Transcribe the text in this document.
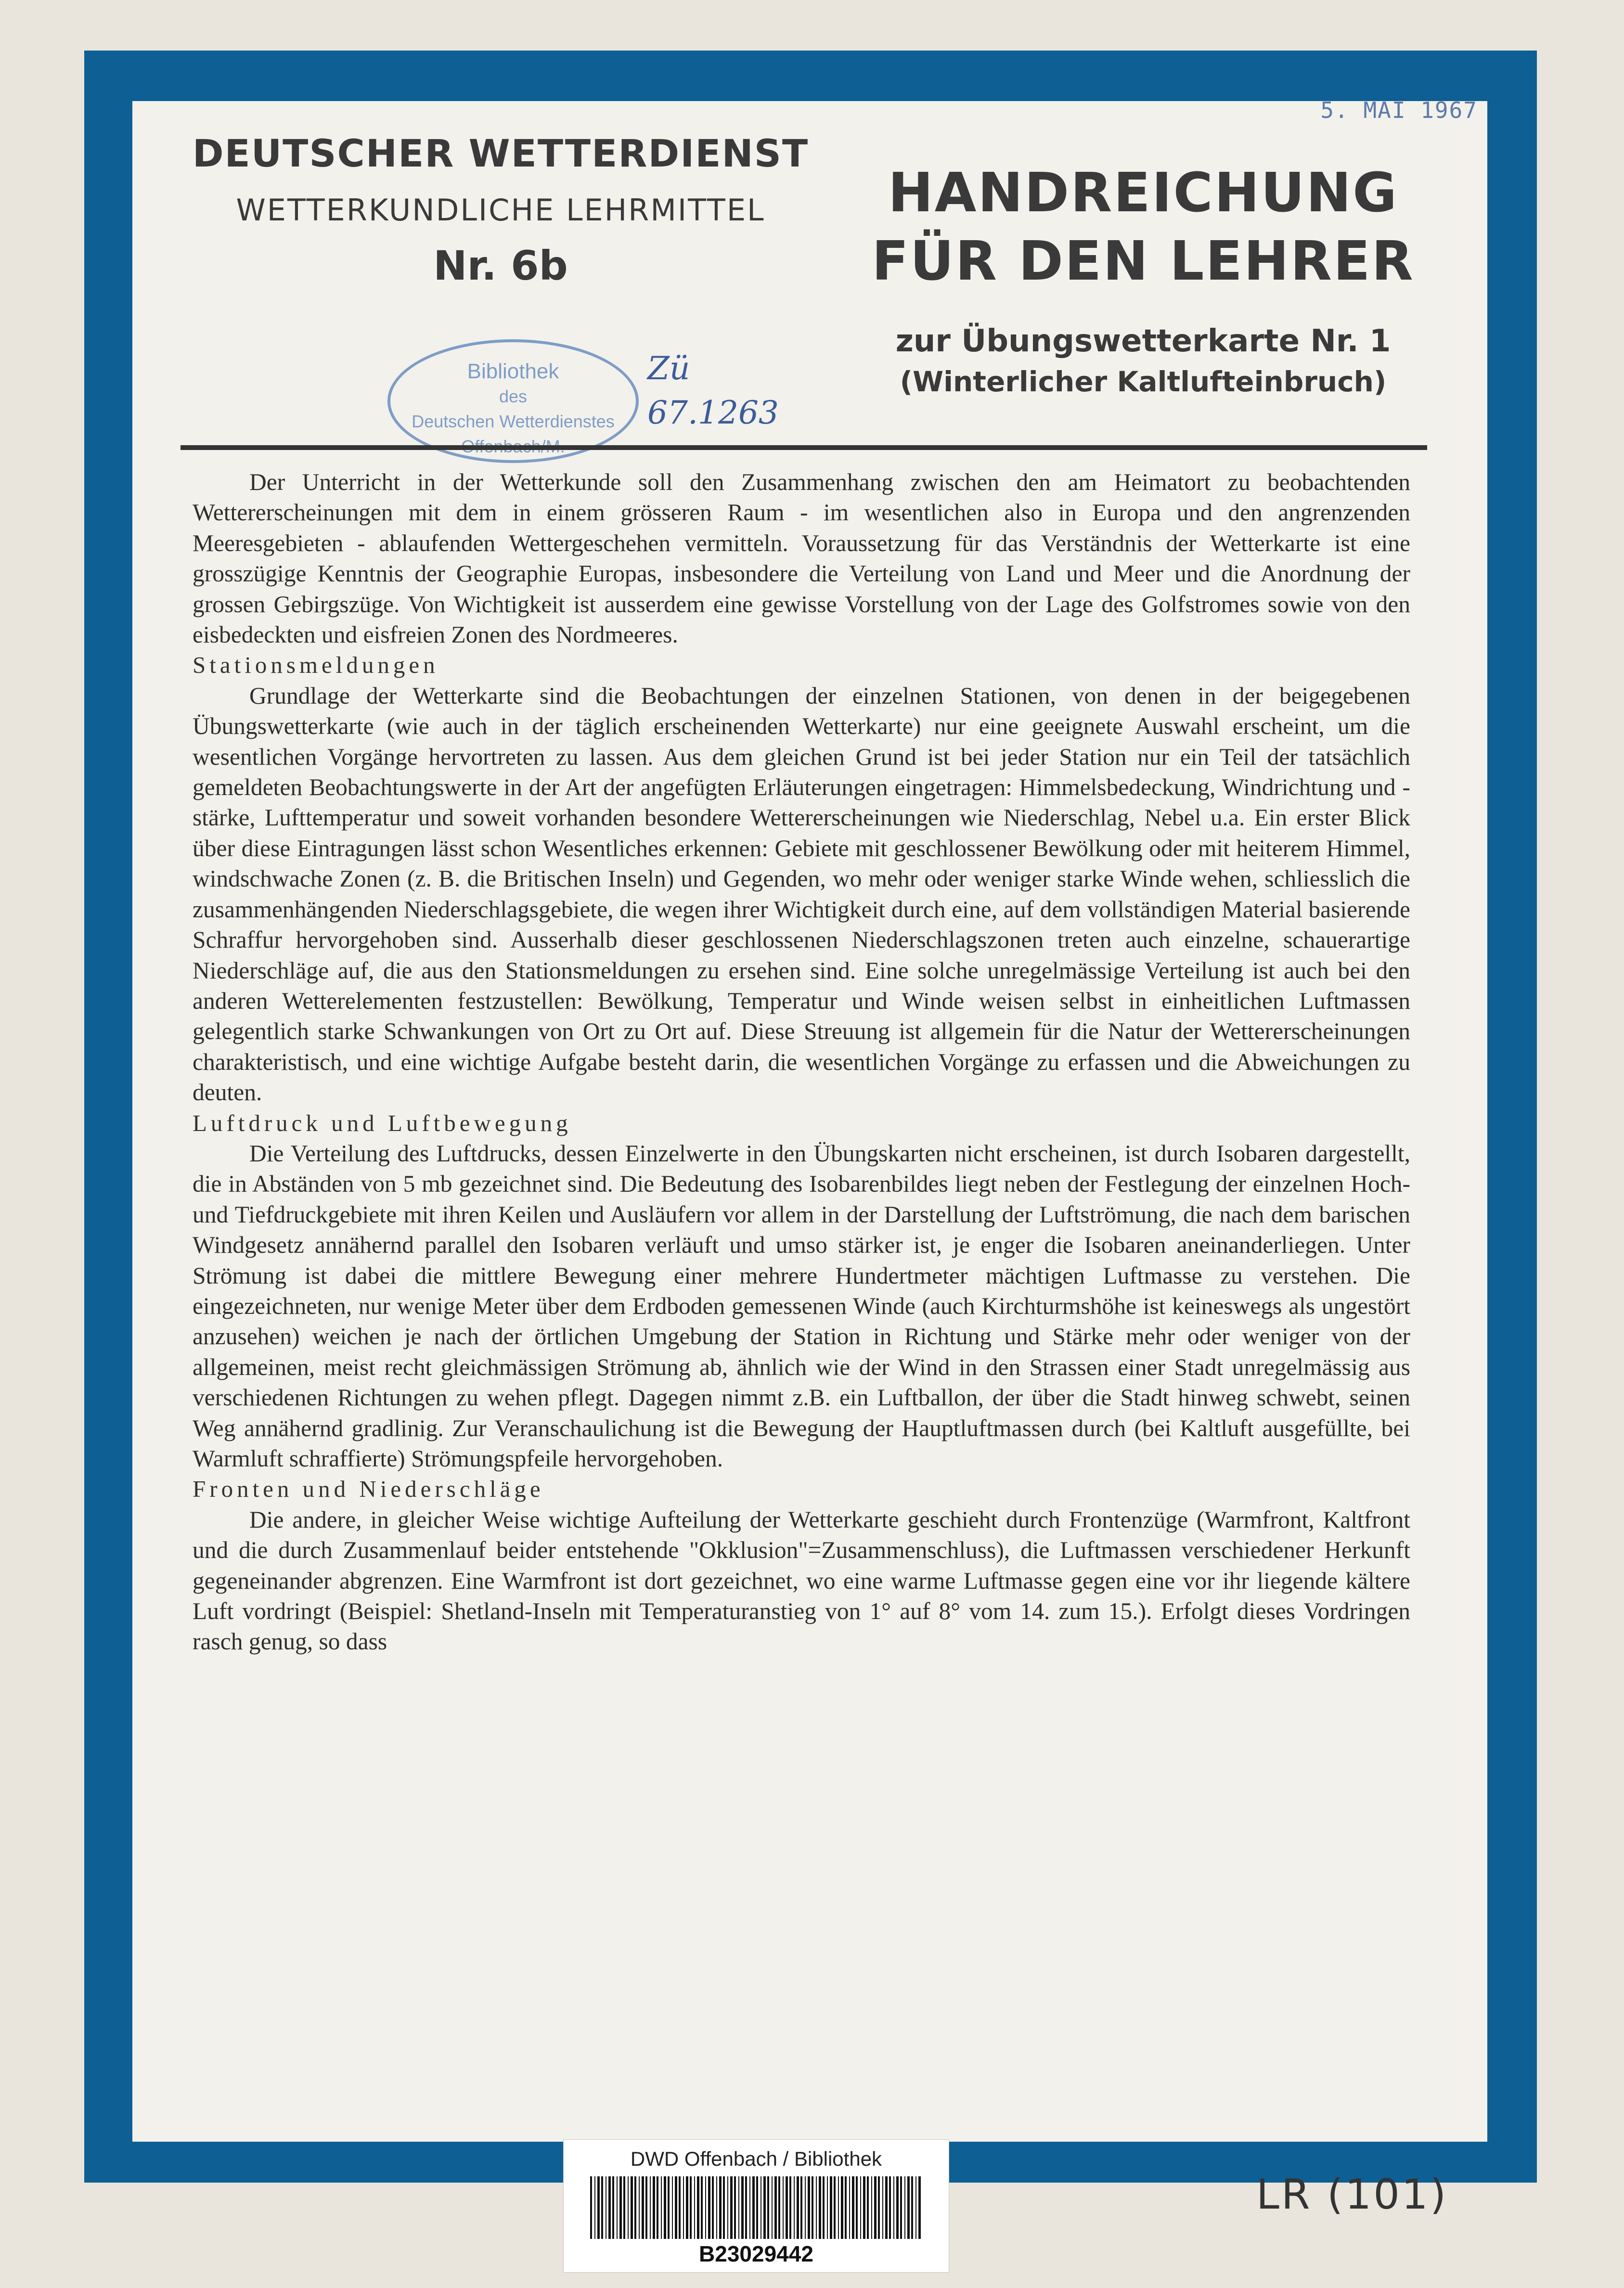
5. MAI 1967
DEUTSCHER WETTERDIENST
WETTERKUNDLICHE LEHRMITTEL
Nr. 6b
HANDREICHUNG
FÜR DEN LEHRER
zur Übungswetterkarte Nr. 1
(Winterlicher Kaltlufteinbruch)
Bibliothek
des
Deutschen Wetterdienstes
Zü
67.1263

Der Unterricht in der Wetterkunde soll den Zusammenhang zwischen den am Heimatort zu beobachtenden Wettererscheinungen mit dem in einem grösseren Raum - im wesentlichen also in Europa und den angrenzenden Meeresgebieten - ablaufenden Wettergeschehen vermitteln. Voraussetzung für das Verständnis der Wetterkarte ist eine grosszügige Kenntnis der Geographie Europas, insbesondere die Verteilung von Land und Meer und die Anordnung der grossen Gebirgszüge. Von Wichtigkeit ist ausserdem eine gewisse Vorstellung von der Lage des Golfstromes sowie von den eisbedeckten und eisfreien Zonen des Nordmeeres.

Stationsmeldungen

Grundlage der Wetterkarte sind die Beobachtungen der einzelnen Stationen, von denen in der beigegebenen Übungswetterkarte (wie auch in der täglich erscheinenden Wetterkarte) nur eine geeignete Auswahl erscheint, um die wesentlichen Vorgänge hervortreten zu lassen. Aus dem gleichen Grund ist bei jeder Station nur ein Teil der tatsächlich gemeldeten Beobachtungswerte in der Art der angefügten Erläuterungen eingetragen: Himmelsbedeckung, Windrichtung und -stärke, Lufttemperatur und soweit vorhanden besondere Wettererscheinungen wie Niederschlag, Nebel u.a. Ein erster Blick über diese Eintragungen lässt schon Wesentliches erkennen: Gebiete mit geschlossener Bewölkung oder mit heiterem Himmel, windschwache Zonen (z. B. die Britischen Inseln) und Gegenden, wo mehr oder weniger starke Winde wehen, schliesslich die zusammenhängenden Niederschlagsgebiete, die wegen ihrer Wichtigkeit durch eine, auf dem vollständigen Material basierende Schraffur hervorgehoben sind. Ausserhalb dieser geschlossenen Niederschlagszonen treten auch einzelne, schauerartige Niederschläge auf, die aus den Stationsmeldungen zu ersehen sind. Eine solche unregelmässige Verteilung ist auch bei den anderen Wetterelementen festzustellen: Bewölkung, Temperatur und Winde weisen selbst in einheitlichen Luftmassen gelegentlich starke Schwankungen von Ort zu Ort auf. Diese Streuung ist allgemein für die Natur der Wettererscheinungen charakteristisch, und eine wichtige Aufgabe besteht darin, die wesentlichen Vorgänge zu erfassen und die Abweichungen zu deuten.

Luftdruck und Luftbewegung

Die Verteilung des Luftdrucks, dessen Einzelwerte in den Übungskarten nicht erscheinen, ist durch Isobaren dargestellt, die in Abständen von 5 mb gezeichnet sind. Die Bedeutung des Isobarenbildes liegt neben der Festlegung der einzelnen Hoch- und Tiefdruckgebiete mit ihren Keilen und Ausläufern vor allem in der Darstellung der Luftströmung, die nach dem barischen Windgesetz annähernd parallel den Isobaren verläuft und umso stärker ist, je enger die Isobaren aneinanderliegen. Unter Strömung ist dabei die mittlere Bewegung einer mehrere Hundertmeter mächtigen Luftmasse zu verstehen. Die eingezeichneten, nur wenige Meter über dem Erdboden gemessenen Winde (auch Kirchturmshöhe ist keineswegs als ungestört anzusehen) weichen je nach der örtlichen Umgebung der Station in Richtung und Stärke mehr oder weniger von der allgemeinen, meist recht gleichmässigen Strömung ab, ähnlich wie der Wind in den Strassen einer Stadt unregelmässig aus verschiedenen Richtungen zu wehen pflegt. Dagegen nimmt z.B. ein Luftballon, der über die Stadt hinweg schwebt, seinen Weg annähernd gradlinig. Zur Veranschaulichung ist die Bewegung der Hauptluftmassen durch (bei Kaltluft ausgefüllte, bei Warmluft schraffierte) Strömungspfeile hervorgehoben.

Fronten und Niederschläge

Die andere, in gleicher Weise wichtige Aufteilung der Wetterkarte geschieht durch Frontenzüge (Warmfront, Kaltfront und die durch Zusammenlauf beider entstehende "Okklusion"=Zusammenschluss), die Luftmassen verschiedener Herkunft gegeneinander abgrenzen. Eine Warmfront ist dort gezeichnet, wo eine warme Luftmasse gegen eine vor ihr liegende kältere Luft vordringt (Beispiel: Shetland-Inseln mit Temperaturanstieg von 1° auf 8° vom 14. zum 15.). Erfolgt dieses Vordringen rasch genug, so dass

DWD Offenbach / Bibliothek
B23029442
LR (101)
